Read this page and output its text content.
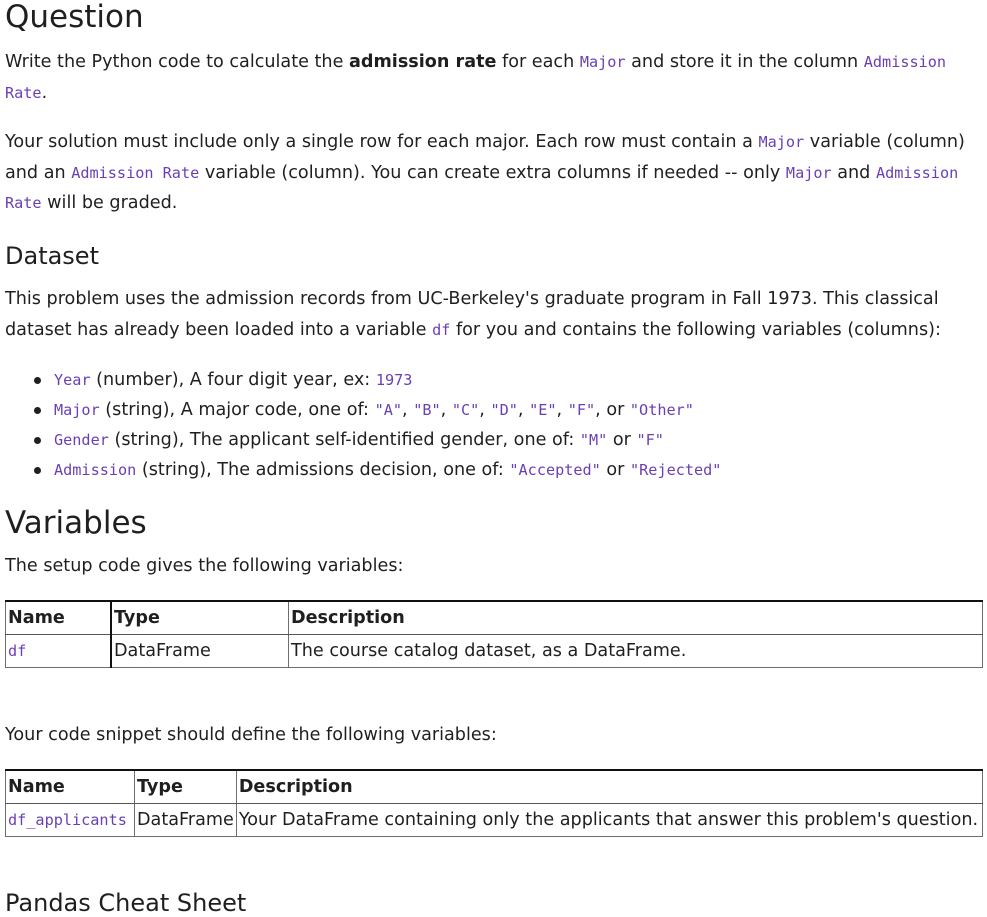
Question

Write the Python code to calculate the admission rate for each Major and store it in the column Admission
Rate.

Your solution must include only a single row for each major. Each row must contain a Major variable (column)
and an Admission Rate variable (column). You can create extra columns if needed -- only Major and Admission
Rate will be graded.

Dataset

This problem uses the admission records from UC-Berkeley's graduate program in Fall 1973. This classical
dataset has already been loaded into a variable df for you and contains the following variables (columns):

Year (number), A four digit year, ex: 1973
Major (string), A major code, one of: "A", "B", "C", "D", "E", "F", or "Other"
Gender (string), The applicant self-identified gender, one of: "M" or "F"
Admission (string), The admissions decision, one of: "Accepted" or "Rejected"
Variables

The setup code gives the following variables:

Name	Type	Description
df	DataFrame	The course catalog dataset, as a DataFrame.

Your code snippet should define the following variables:

Name	Type	Description
df_applicants	DataFrame	Your DataFrame containing only the applicants that answer this problem's question.
Pandas Cheat Sheet
